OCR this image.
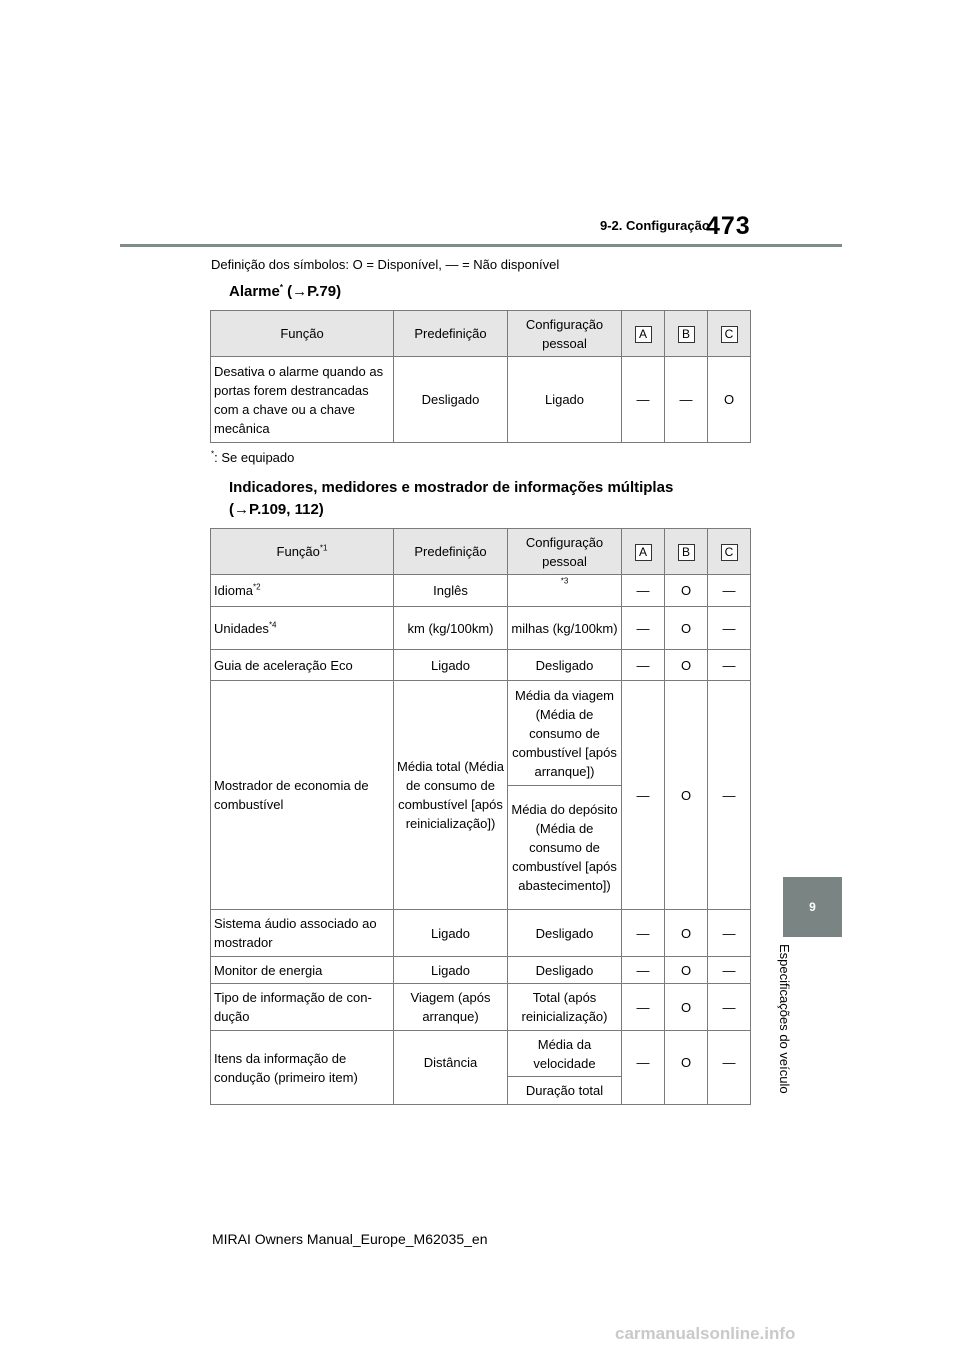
9-2. Configuração
473
Definição dos símbolos: O = Disponível, — = Não disponível
Alarme* (→P.79)
Função	Predefinição	Configuração pessoal	A	B	C
Desativa o alarme quando as portas forem destrancadas com a chave ou a chave mecânica	Desligado	Ligado	—	—	O
*: Se equipado
Indicadores, medidores e mostrador de informações múltiplas
(→P.109, 112)
Função$^{*1}$	Predefinição	Configuração pessoal	A	B	C
Idioma$^{*2}$	Inglês	$^{*3}$	—	O	—
Unidades$^{*4}$	km (kg/100km)	milhas (kg/100km)	—	O	—
Guia de aceleração Eco	Ligado	Desligado	—	O	—
Mostrador de economia de combustível	Média total (Média de consumo de combustível [após reinicialização])	Média da viagem (Média de consumo de combustível [após arranque])	—	O	—
		Média do depósito (Média de consumo de combustível [após abastecimento])			
Sistema áudio associado ao mostrador	Ligado	Desligado	—	O	—
Monitor de energia	Ligado	Desligado	—	O	—
Tipo de informação de con-dução	Viagem (após arranque)	Total (após reinicialização)	—	O	—
Itens da informação de condução (primeiro item)	Distância	Média da velocidade	—	O	—
		Duração total			
9
Especificações do veículo
MIRAI Owners Manual_Europe_M62035_en
carmanualsonline.info
